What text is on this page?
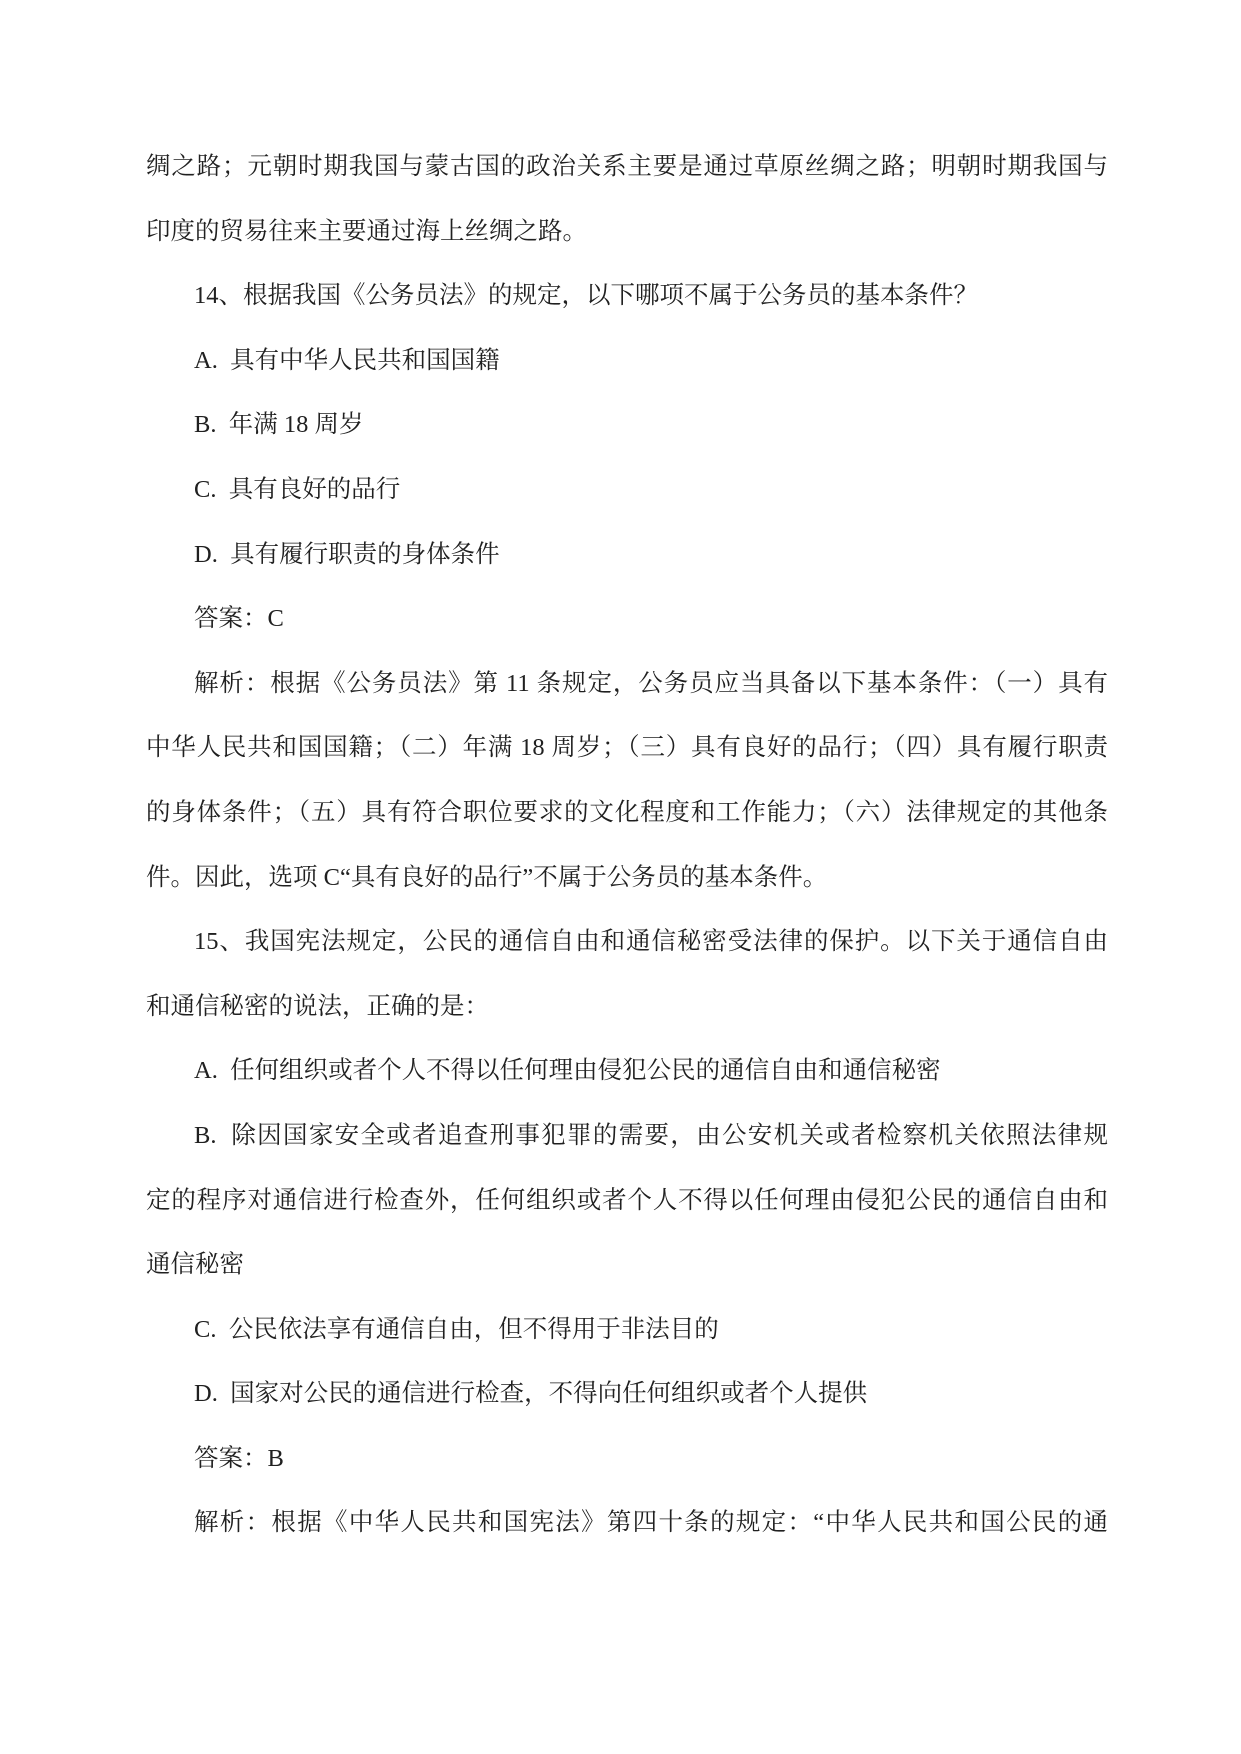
绸之路；元朝时期我国与蒙古国的政治关系主要是通过草原丝绸之路；明朝时期我国与
印度的贸易往来主要通过海上丝绸之路。
14、根据我国《公务员法》的规定，以下哪项不属于公务员的基本条件？
A.  具有中华人民共和国国籍
B.  年满 18 周岁
C.  具有良好的品行
D.  具有履行职责的身体条件
答案：C
解析：根据《公务员法》第 11 条规定，公务员应当具备以下基本条件：（一）具有
中华人民共和国国籍；（二）年满 18 周岁；（三）具有良好的品行；（四）具有履行职责
的身体条件；（五）具有符合职位要求的文化程度和工作能力；（六）法律规定的其他条
件。因此，选项 C“具有良好的品行”不属于公务员的基本条件。
15、我国宪法规定，公民的通信自由和通信秘密受法律的保护。以下关于通信自由
和通信秘密的说法，正确的是：
A.  任何组织或者个人不得以任何理由侵犯公民的通信自由和通信秘密
B.  除因国家安全或者追查刑事犯罪的需要，由公安机关或者检察机关依照法律规
定的程序对通信进行检查外，任何组织或者个人不得以任何理由侵犯公民的通信自由和
通信秘密
C.  公民依法享有通信自由，但不得用于非法目的
D.  国家对公民的通信进行检查，不得向任何组织或者个人提供
答案：B
解析：根据《中华人民共和国宪法》第四十条的规定：“中华人民共和国公民的通
